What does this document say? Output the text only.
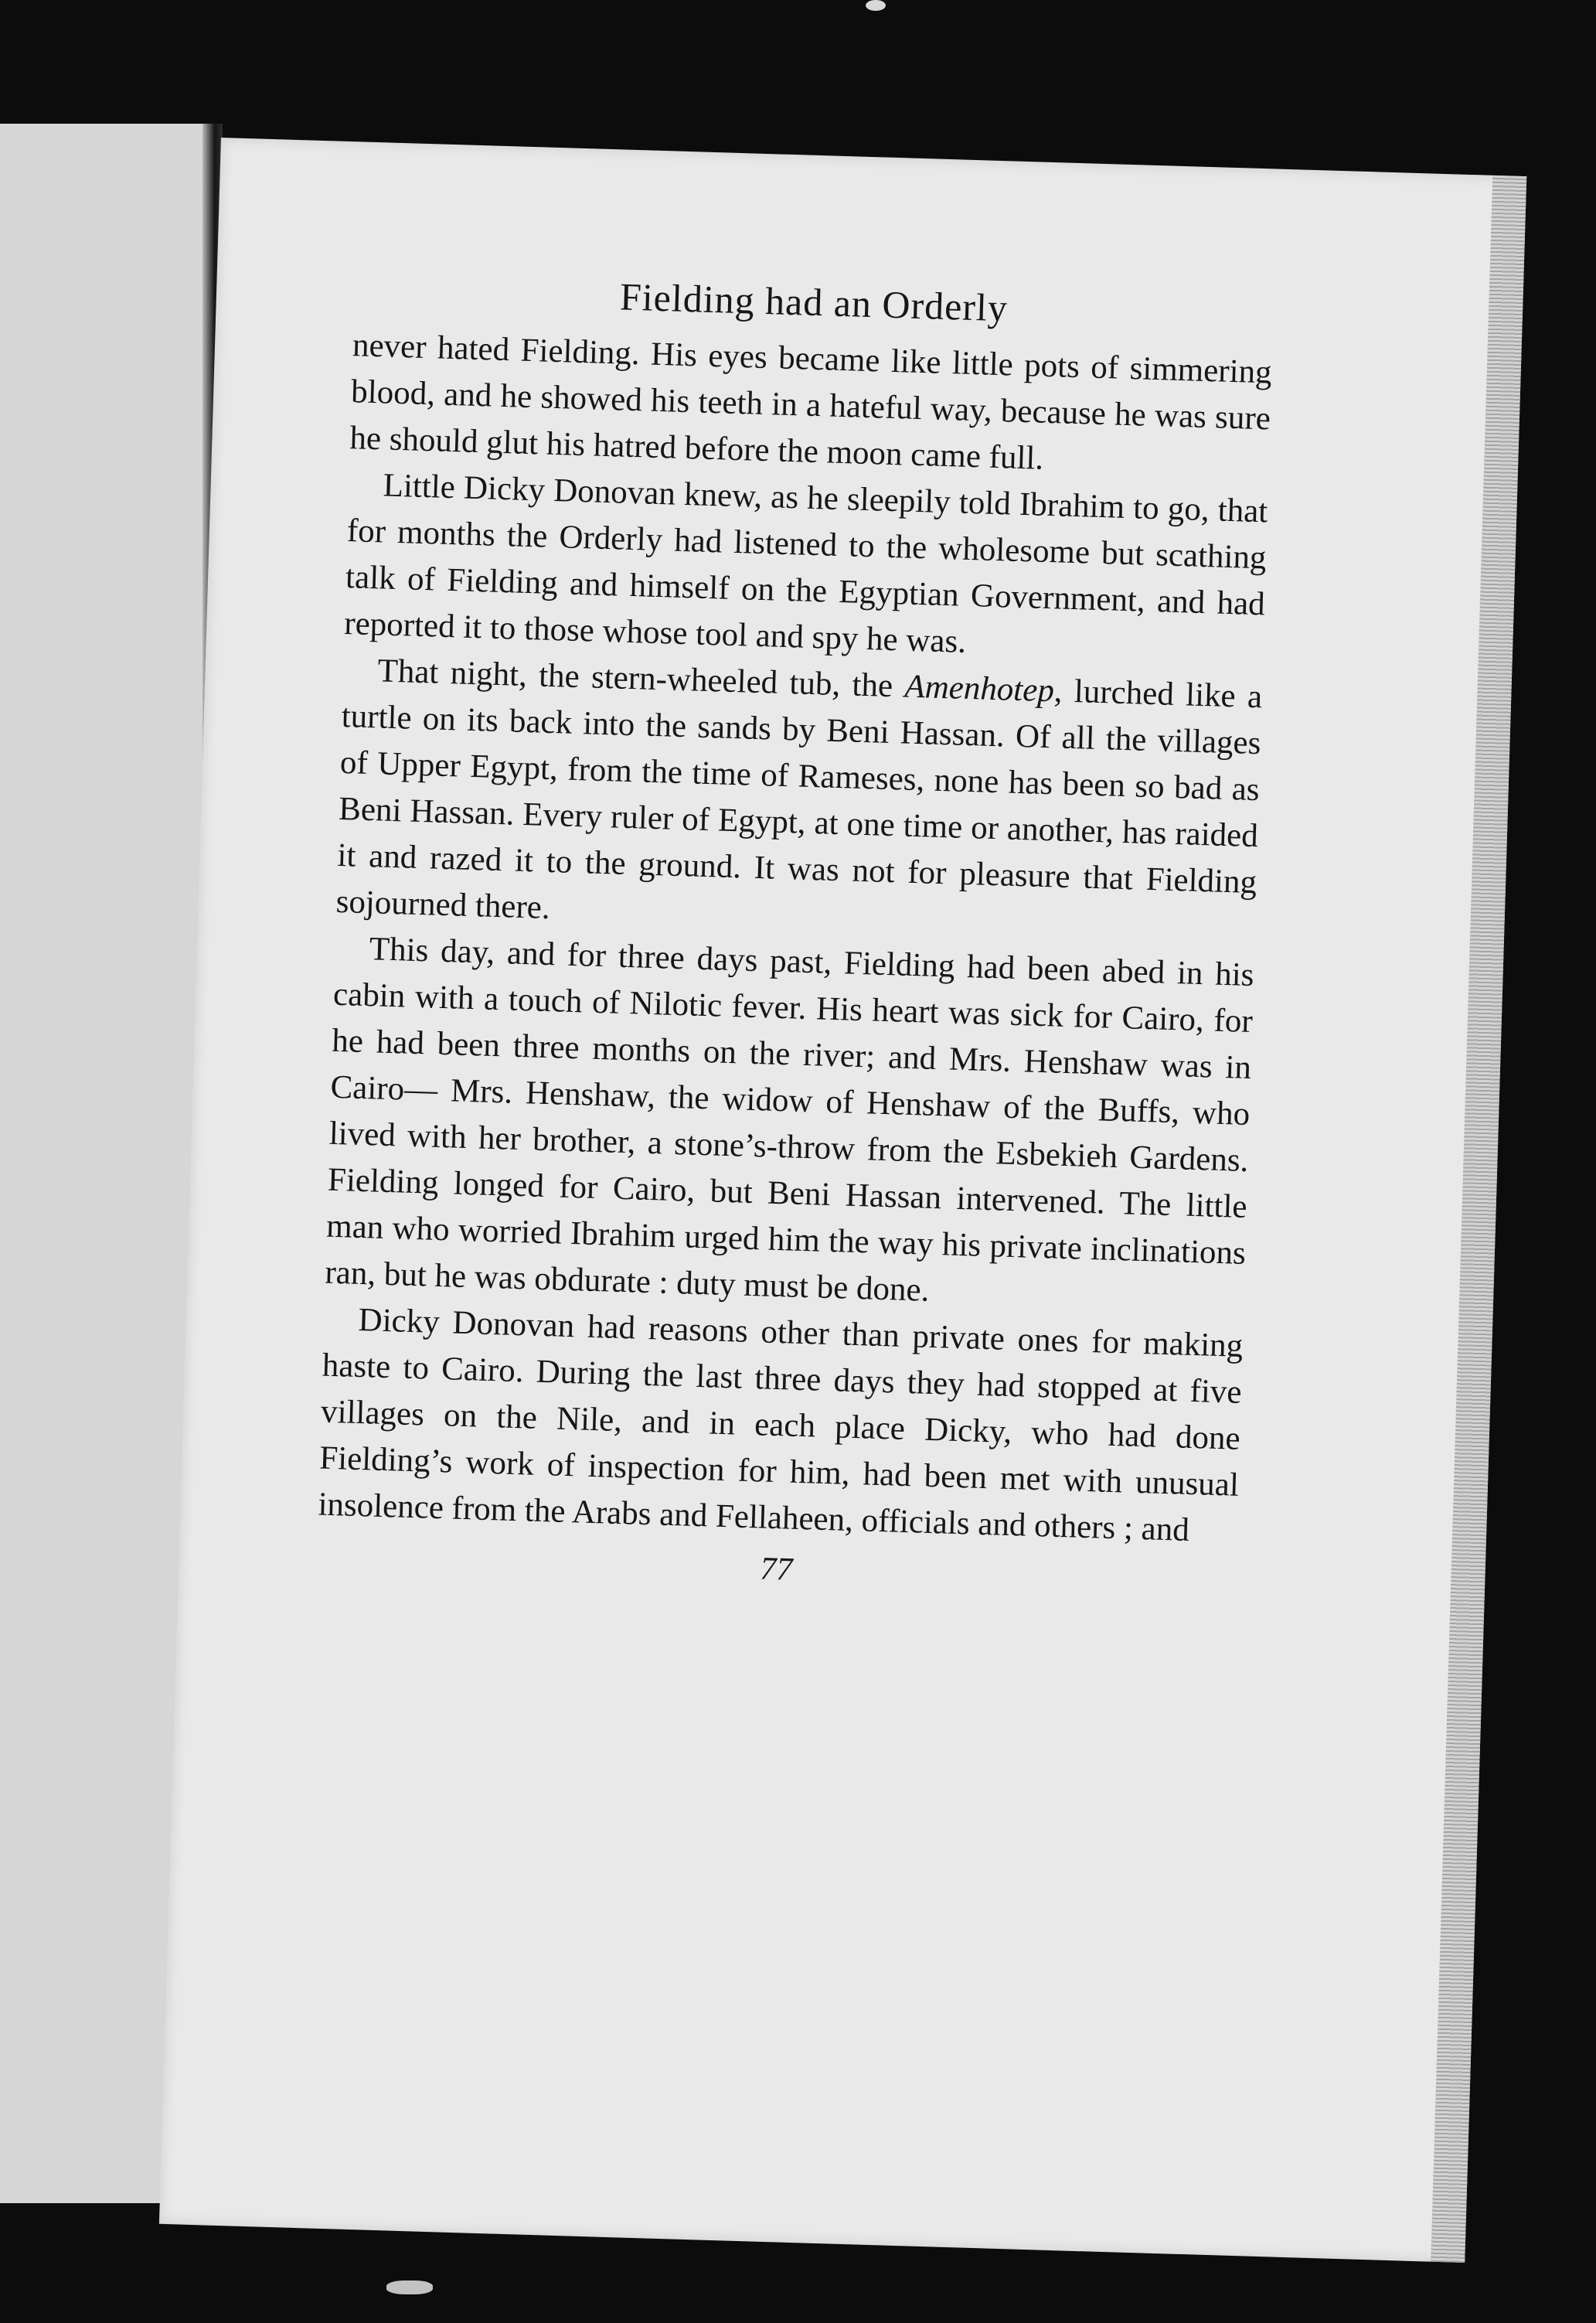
Fielding had an Orderly

never hated Fielding. His eyes became like little pots of simmering blood, and he showed his teeth in a hateful way, because he was sure he should glut his hatred before the moon came full.

Little Dicky Donovan knew, as he sleepily told Ibrahim to go, that for months the Orderly had listened to the wholesome but scathing talk of Fielding and himself on the Egyptian Government, and had reported it to those whose tool and spy he was.

That night, the stern-wheeled tub, the Amenhotep, lurched like a turtle on its back into the sands by Beni Hassan. Of all the villages of Upper Egypt, from the time of Rameses, none has been so bad as Beni Hassan. Every ruler of Egypt, at one time or another, has raided it and razed it to the ground. It was not for pleasure that Fielding sojourned there.

This day, and for three days past, Fielding had been abed in his cabin with a touch of Nilotic fever. His heart was sick for Cairo, for he had been three months on the river; and Mrs. Henshaw was in Cairo— Mrs. Henshaw, the widow of Henshaw of the Buffs, who lived with her brother, a stone’s-throw from the Esbekieh Gardens. Fielding longed for Cairo, but Beni Hassan intervened. The little man who worried Ibrahim urged him the way his private inclinations ran, but he was obdurate : duty must be done.

Dicky Donovan had reasons other than private ones for making haste to Cairo. During the last three days they had stopped at five villages on the Nile, and in each place Dicky, who had done Fielding’s work of inspection for him, had been met with unusual insolence from the Arabs and Fellaheen, officials and others ; and

77
